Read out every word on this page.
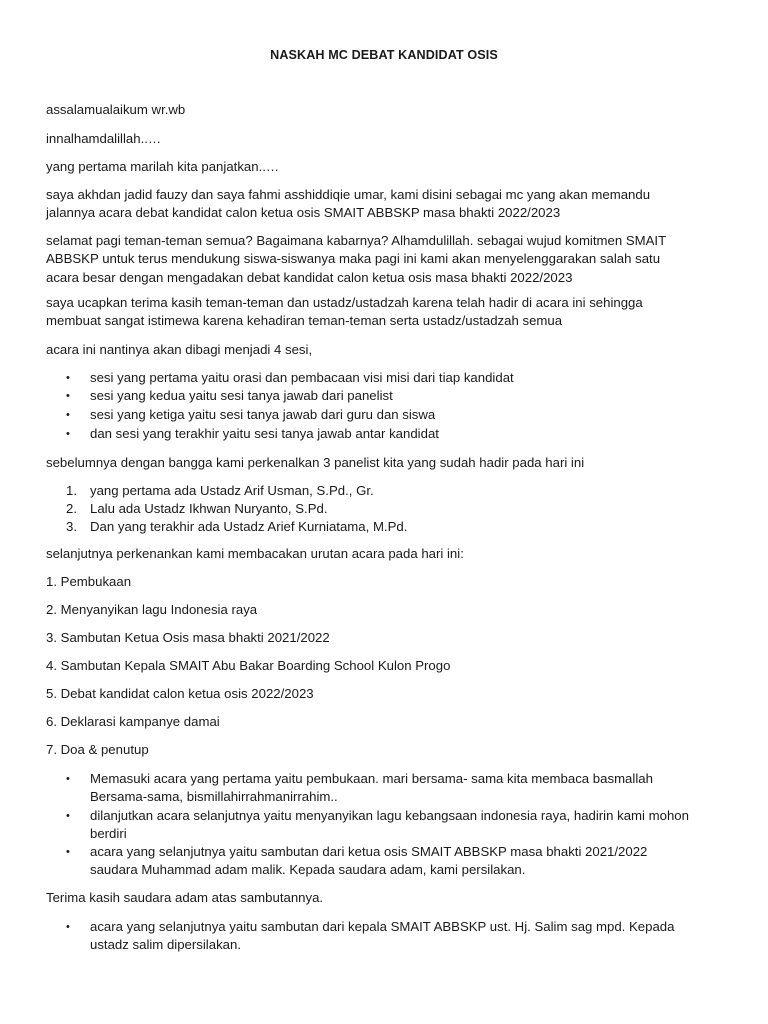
NASKAH MC DEBAT KANDIDAT OSIS
assalamualaikum wr.wb
innalhamdalillah..…
yang pertama marilah kita panjatkan..…
saya akhdan jadid fauzy dan saya fahmi asshiddiqie umar, kami disini sebagai mc yang akan memandu
jalannya acara debat kandidat calon ketua osis SMAIT ABBSKP masa bhakti 2022/2023
selamat pagi teman-teman semua? Bagaimana kabarnya? Alhamdulillah. sebagai wujud komitmen SMAIT
ABBSKP untuk terus mendukung siswa-siswanya maka pagi ini kami akan menyelenggarakan salah satu
acara besar dengan mengadakan debat kandidat calon ketua osis masa bhakti 2022/2023
saya ucapkan terima kasih teman-teman dan ustadz/ustadzah karena telah hadir di acara ini sehingga
membuat sangat istimewa karena kehadiran teman-teman serta ustadz/ustadzah semua
acara ini nantinya akan dibagi menjadi 4 sesi,
• sesi yang pertama yaitu orasi dan pembacaan visi misi dari tiap kandidat
• sesi yang kedua yaitu sesi tanya jawab dari panelist
• sesi yang ketiga yaitu sesi tanya jawab dari guru dan siswa
• dan sesi yang terakhir yaitu sesi tanya jawab antar kandidat
sebelumnya dengan bangga kami perkenalkan 3 panelist kita yang sudah hadir pada hari ini
1. yang pertama ada Ustadz Arif Usman, S.Pd., Gr.
2. Lalu ada Ustadz Ikhwan Nuryanto, S.Pd.
3. Dan yang terakhir ada Ustadz Arief Kurniatama, M.Pd.
selanjutnya perkenankan kami membacakan urutan acara pada hari ini:
1. Pembukaan
2. Menyanyikan lagu Indonesia raya
3. Sambutan Ketua Osis masa bhakti 2021/2022
4. Sambutan Kepala SMAIT Abu Bakar Boarding School Kulon Progo
5. Debat kandidat calon ketua osis 2022/2023
6. Deklarasi kampanye damai
7. Doa & penutup
• Memasuki acara yang pertama yaitu pembukaan. mari bersama- sama kita membaca basmallah
Bersama-sama, bismillahirrahmanirrahim..
• dilanjutkan acara selanjutnya yaitu menyanyikan lagu kebangsaan indonesia raya, hadirin kami mohon
berdiri
• acara yang selanjutnya yaitu sambutan dari ketua osis SMAIT ABBSKP masa bhakti 2021/2022
saudara Muhammad adam malik. Kepada saudara adam, kami persilakan.
Terima kasih saudara adam atas sambutannya.
• acara yang selanjutnya yaitu sambutan dari kepala SMAIT ABBSKP ust. Hj. Salim sag mpd. Kepada
ustadz salim dipersilakan.
